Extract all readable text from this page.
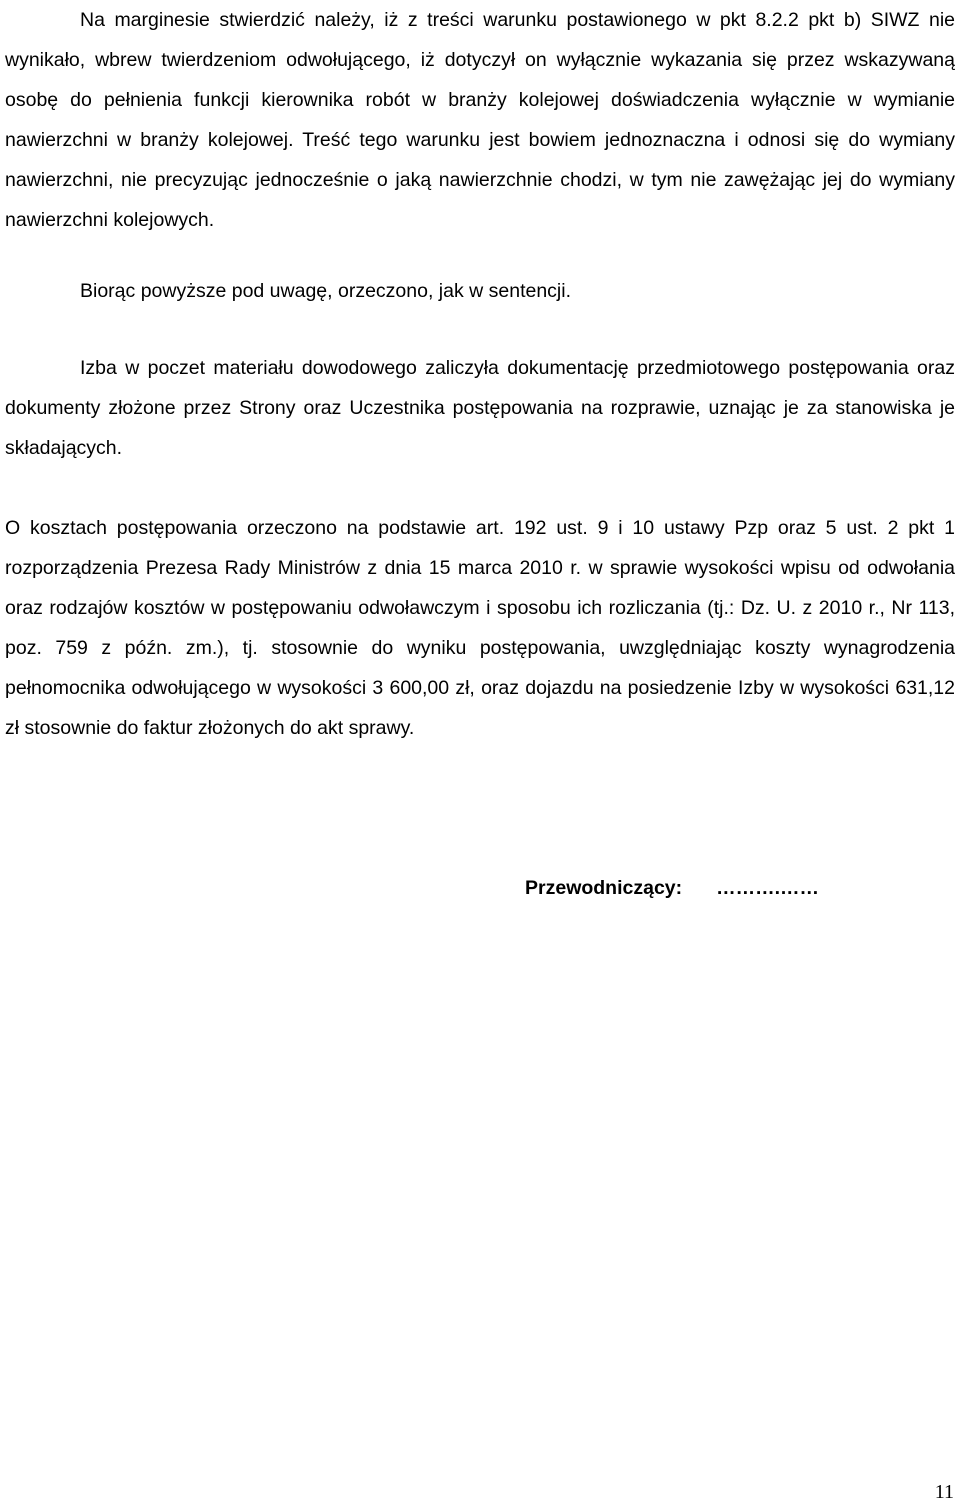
Na marginesie stwierdzić należy, iż z treści warunku postawionego w pkt 8.2.2 pkt b) SIWZ nie wynikało, wbrew twierdzeniom odwołującego, iż dotyczył on wyłącznie wykazania się przez wskazywaną osobę do pełnienia funkcji kierownika robót w branży kolejowej doświadczenia wyłącznie w wymianie nawierzchni w branży kolejowej. Treść tego warunku jest bowiem jednoznaczna i odnosi się do wymiany nawierzchni, nie precyzując jednocześnie o jaką nawierzchnie chodzi, w tym nie zawężając jej do wymiany nawierzchni kolejowych.

Biorąc powyższe pod uwagę, orzeczono, jak w sentencji.

Izba w poczet materiału dowodowego zaliczyła dokumentację przedmiotowego postępowania oraz dokumenty złożone przez Strony oraz Uczestnika postępowania na rozprawie, uznając je za stanowiska je składających.

O kosztach postępowania orzeczono na podstawie art. 192 ust. 9 i 10 ustawy Pzp oraz 5 ust. 2 pkt 1 rozporządzenia Prezesa Rady Ministrów z dnia 15 marca 2010 r. w sprawie wysokości wpisu od odwołania oraz rodzajów kosztów w postępowaniu odwoławczym i sposobu ich rozliczania (tj.: Dz. U. z 2010 r., Nr 113, poz. 759 z późn. zm.), tj. stosownie do wyniku postępowania, uwzględniając koszty wynagrodzenia pełnomocnika odwołującego w wysokości 3 600,00 zł, oraz dojazdu na posiedzenie Izby w wysokości 631,12 zł stosownie do faktur złożonych do akt sprawy.

Przewodniczący: ……….……
11
